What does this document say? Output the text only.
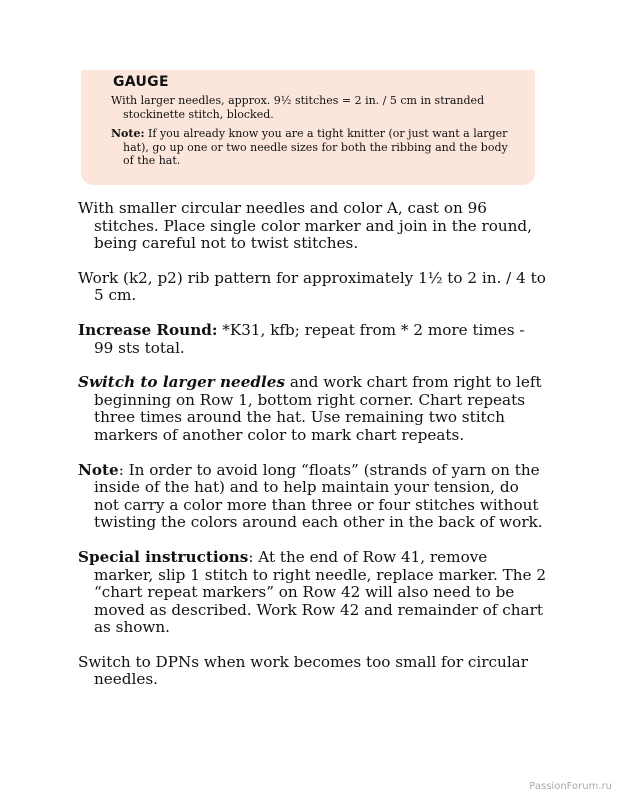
GAUGE

With larger needles, approx. 9½ stitches = 2 in. / 5 cm in stranded stockinette stitch, blocked.

Note: If you already know you are a tight knitter (or just want a larger hat), go up one or two needle sizes for both the ribbing and the body of the hat.

With smaller circular needles and color A, cast on 96 stitches. Place single color marker and join in the round, being careful not to twist stitches.

Work (k2, p2) rib pattern for approximately 1½ to 2 in. / 4 to 5 cm.

Increase Round: *K31, kfb; repeat from * 2 more times - 99 sts total.

Switch to larger needles and work chart from right to left beginning on Row 1, bottom right corner. Chart repeats three times around the hat. Use remaining two stitch markers of another color to mark chart repeats.

Note: In order to avoid long “floats” (strands of yarn on the inside of the hat) and to help maintain your tension, do not carry a color more than three or four stitches without twisting the colors around each other in the back of work.

Special instructions: At the end of Row 41, remove marker, slip 1 stitch to right needle, replace marker. The 2 “chart repeat markers” on Row 42 will also need to be moved as described. Work Row 42 and remainder of chart as shown.

Switch to DPNs when work becomes too small for circular needles.

PassionForum.ru
